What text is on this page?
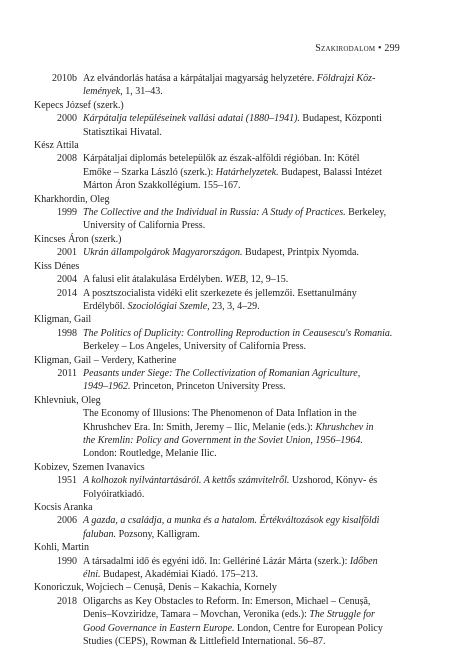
Szakirodalom • 299
2010b Az elvándorlás hatása a kárpátaljai magyarság helyzetére. Földrajzi Köz-
lemények, 1, 31–43.
Kepecs József (szerk.)
2000 Kárpátalja településeinek vallási adatai (1880–1941). Budapest, Központi
Statisztikai Hivatal.
Kész Attila
2008 Kárpátaljai diplomás betelepülők az észak-alföldi régióban. In: Kötél
Emőke – Szarka László (szerk.): Határhelyzetek. Budapest, Balassi Intézet
Márton Áron Szakkollégium. 155–167.
Kharkhordin, Oleg
1999 The Collective and the Individual in Russia: A Study of Practices. Berkeley,
University of California Press.
Kincses Áron (szerk.)
2001 Ukrán állampolgárok Magyarországon. Budapest, Printpix Nyomda.
Kiss Dénes
2004 A falusi elit átalakulása Erdélyben. WEB, 12, 9–15.
2014 A posztszocialista vidéki elit szerkezete és jellemzői. Esettanulmány
Erdélyből. Szociológiai Szemle, 23, 3, 4–29.
Kligman, Gail
1998 The Politics of Duplicity: Controlling Reproduction in Ceausescu's Romania.
Berkeley – Los Angeles, University of California Press.
Kligman, Gail – Verdery, Katherine
2011 Peasants under Siege: The Collectivization of Romanian Agriculture,
1949–1962. Princeton, Princeton University Press.
Khlevniuk, Oleg
The Economy of Illusions: The Phenomenon of Data Inflation in the
Khrushchev Era. In: Smith, Jeremy – Ilic, Melanie (eds.): Khrushchev in
the Kremlin: Policy and Government in the Soviet Union, 1956–1964.
London: Routledge, Melanie Ilic.
Kobizev, Szemen Ivanavics
1951 A kolhozok nyilvántartásáról. A kettős számvitelről. Uzshorod, Könyv- és
Folyóiratkiadó.
Kocsis Aranka
2006 A gazda, a családja, a munka és a hatalom. Értékváltozások egy kisalföldi
faluban. Pozsony, Kalligram.
Kohli, Martin
1990 A társadalmi idő és egyéni idő. In: Gellériné Lázár Márta (szerk.): Időben
élni. Budapest, Akadémiai Kiadó. 175–213.
Konoriczuk, Wojciech – Cenușă, Denis – Kakachia, Kornely
2018 Oligarchs as Key Obstacles to Reform. In: Emerson, Michael – Cenușă,
Denis–Kovziridze, Tamara – Movchan, Veronika (eds.): The Struggle for
Good Governance in Eastern Europe. London, Centre for European Policy
Studies (CEPS), Rowman & Littlefield International. 56–87.
